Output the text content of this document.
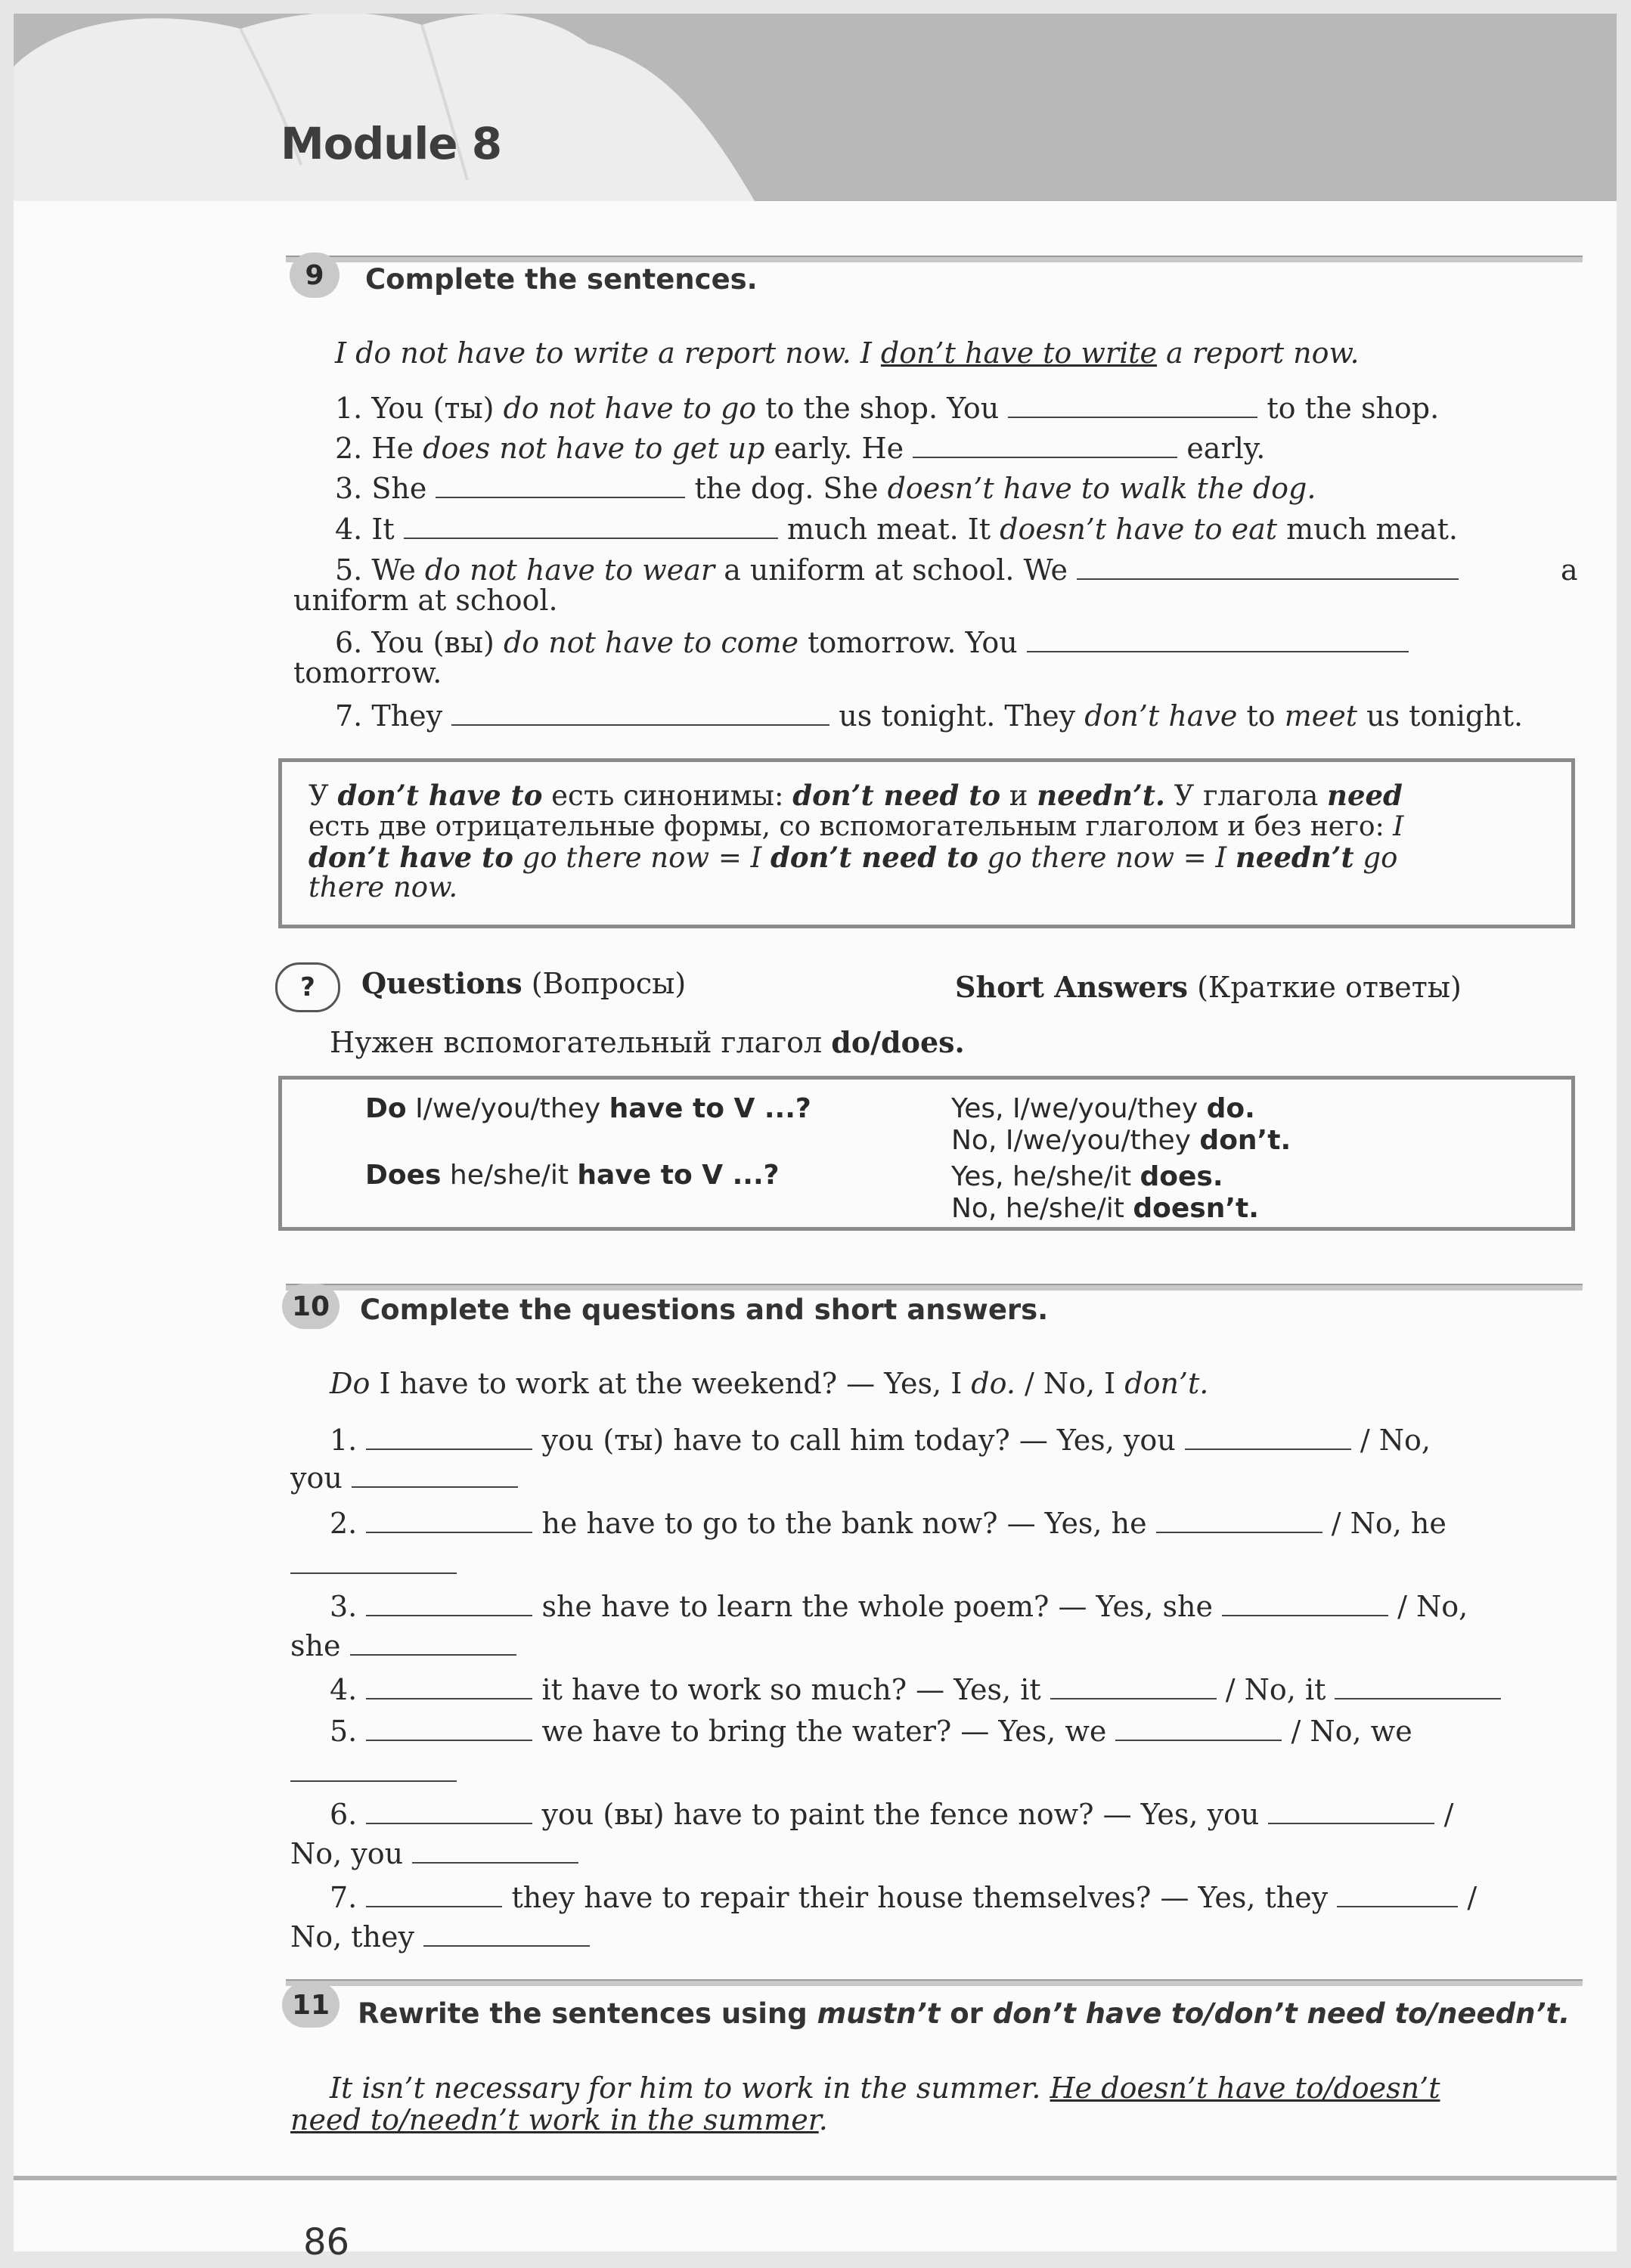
Module 8
9	Complete the sentences.
I do not have to write a report now. I don’t have to write a report now.
1. You (ты) do not have to go to the shop. You	to the shop.
2. He does not have to get up early. He	early.
3. She	the dog. She doesn’t have to walk the dog.
4. It	much meat. It doesn’t have to eat much meat.
5. We do not have to wear a uniform at school. We	a
uniform at school.
6. You (вы) do not have to come tomorrow. You
tomorrow.
7. They	us tonight. They don’t have to meet us tonight.
У don’t have to есть синонимы: don’t need to и needn’t. У глагола need
есть две отрицательные формы, со вспомогательным глаголом и без него: I
don’t have to go there now = I don’t need to go there now = I needn’t go
there now.
?	Questions (Вопросы)	Short Answers (Краткие ответы)
Нужен вспомогательный глагол do/does.
Do I/we/you/they have to V ...?	Yes, I/we/you/they do.
No, I/we/you/they don’t.
Does he/she/it have to V ...?	Yes, he/she/it does.
No, he/she/it doesn’t.
10	Complete the questions and short answers.
Do I have to work at the weekend? — Yes, I do. / No, I don’t.
1.	you (ты) have to call him today? — Yes, you	/ No,
you
2.	he have to go to the bank now? — Yes, he	/ No, he
3.	she have to learn the whole poem? — Yes, she	/ No,
she
4.	it have to work so much? — Yes, it	/ No, it
5.	we have to bring the water? — Yes, we	/ No, we
6.	you (вы) have to paint the fence now? — Yes, you	/
No, you
7.	they have to repair their house themselves? — Yes, they	/
No, they
11 Rewrite the sentences using mustn’t or don’t have to/don’t need to/needn’t.
It isn’t necessary for him to work in the summer. He doesn’t have to/doesn’t
need to/needn’t work in the summer.
86
